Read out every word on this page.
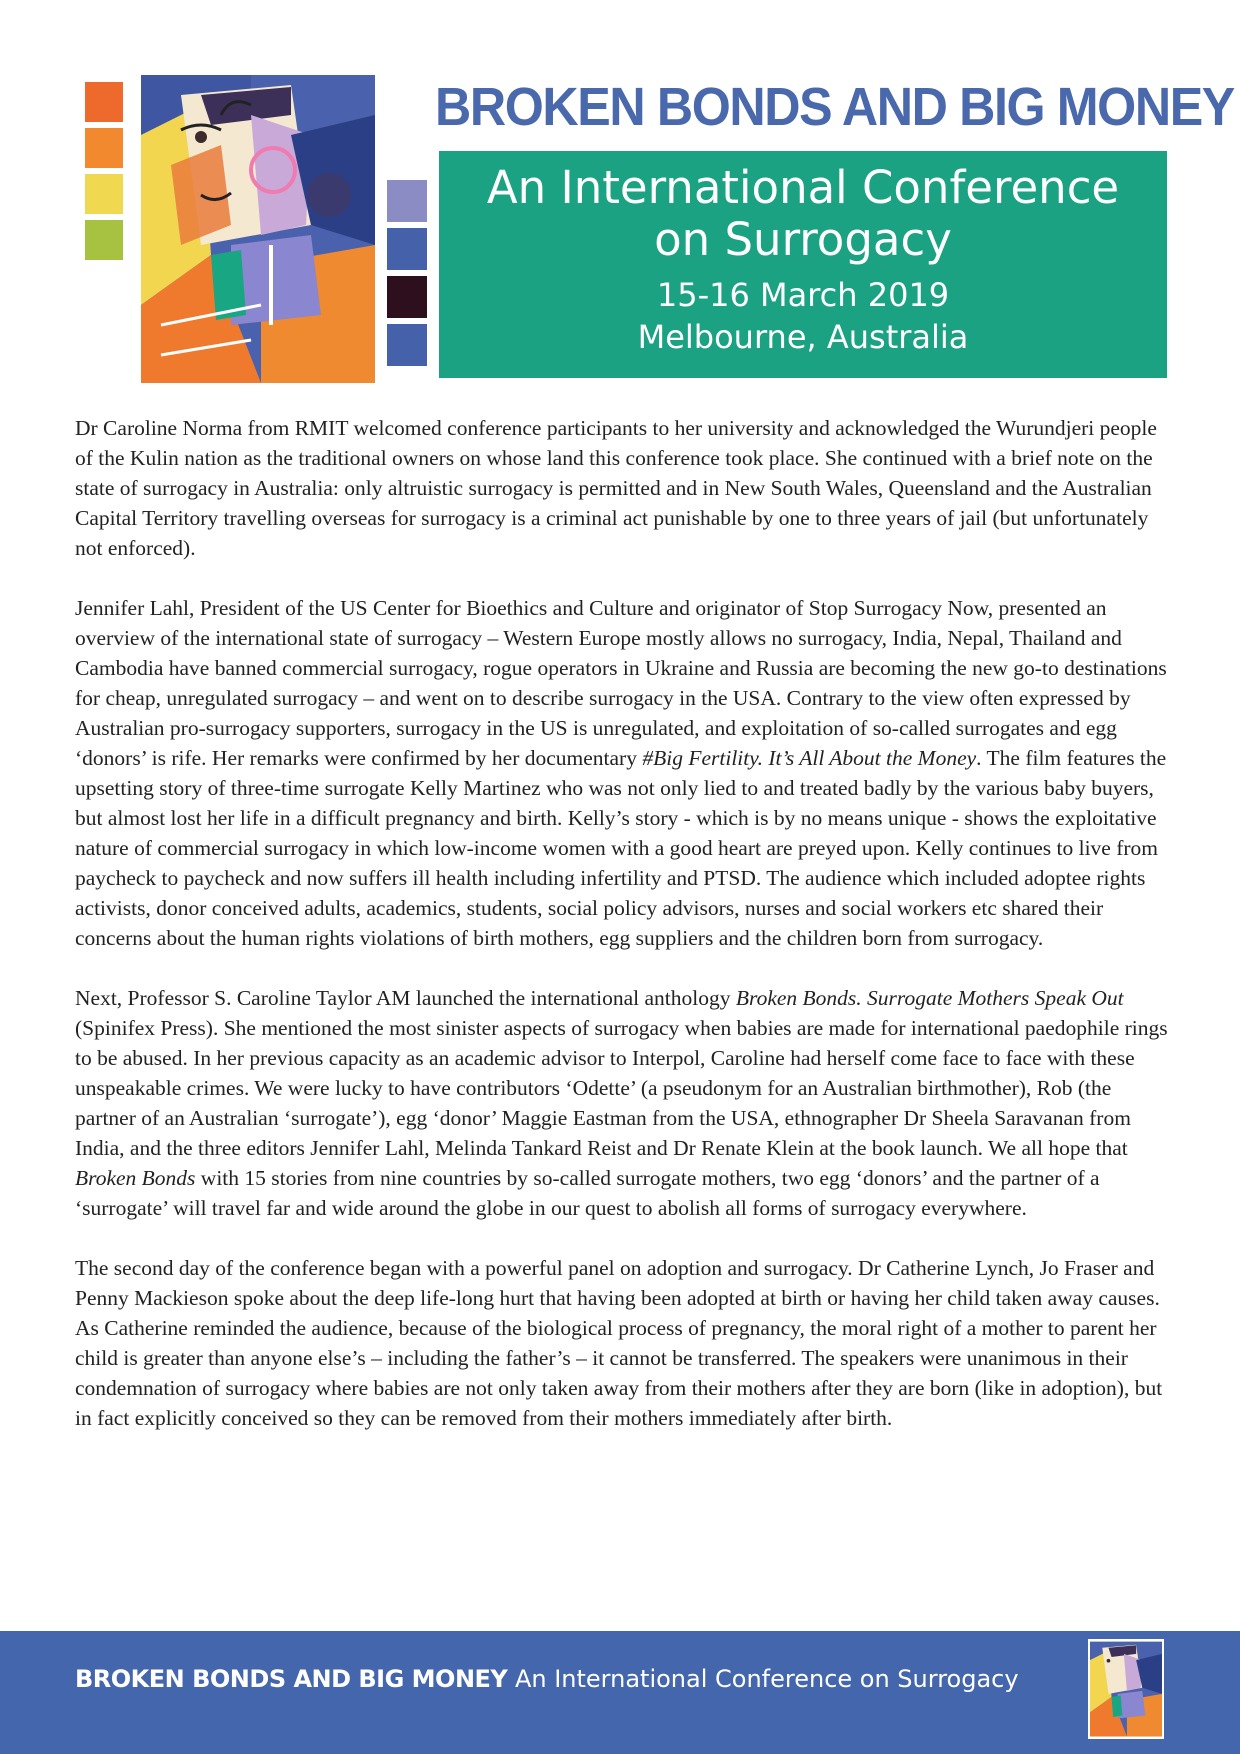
BROKEN BONDS AND BIG MONEY
An International Conference
on Surrogacy
15-16 March 2019
Melbourne, Australia

Dr Caroline Norma from RMIT welcomed conference participants to her university and acknowledged the Wurundjeri people of the Kulin nation as the traditional owners on whose land this conference took place. She continued with a brief note on the state of surrogacy in Australia: only altruistic surrogacy is permitted and in New South Wales, Queensland and the Australian Capital Territory travelling overseas for surrogacy is a criminal act punishable by one to three years of jail (but unfortunately not enforced).

Jennifer Lahl, President of the US Center for Bioethics and Culture and originator of Stop Surrogacy Now, presented an overview of the international state of surrogacy – Western Europe mostly allows no surrogacy, India, Nepal, Thailand and Cambodia have banned commercial surrogacy, rogue operators in Ukraine and Russia are becoming the new go-to destinations for cheap, unregulated surrogacy – and went on to describe surrogacy in the USA. Contrary to the view often expressed by Australian pro-surrogacy supporters, surrogacy in the US is unregulated, and exploitation of so-called surrogates and egg ‘donors’ is rife. Her remarks were confirmed by her documentary #Big Fertility. It’s All About the Money. The film features the upsetting story of three-time surrogate Kelly Martinez who was not only lied to and treated badly by the various baby buyers, but almost lost her life in a difficult pregnancy and birth. Kelly’s story - which is by no means unique - shows the exploitative nature of commercial surrogacy in which low-income women with a good heart are preyed upon. Kelly continues to live from paycheck to paycheck and now suffers ill health including infertility and PTSD. The audience which included adoptee rights activists, donor conceived adults, academics, students, social policy advisors, nurses and social workers etc shared their concerns about the human rights violations of birth mothers, egg suppliers and the children born from surrogacy.

Next, Professor S. Caroline Taylor AM launched the international anthology Broken Bonds. Surrogate Mothers Speak Out (Spinifex Press). She mentioned the most sinister aspects of surrogacy when babies are made for international paedophile rings to be abused. In her previous capacity as an academic advisor to Interpol, Caroline had herself come face to face with these unspeakable crimes. We were lucky to have contributors ‘Odette’ (a pseudonym for an Australian birthmother), Rob (the partner of an Australian ‘surrogate’), egg ‘donor’ Maggie Eastman from the USA, ethnographer Dr Sheela Saravanan from India, and the three editors Jennifer Lahl, Melinda Tankard Reist and Dr Renate Klein at the book launch. We all hope that Broken Bonds with 15 stories from nine countries by so-called surrogate mothers, two egg ‘donors’ and the partner of a ‘surrogate’ will travel far and wide around the globe in our quest to abolish all forms of surrogacy everywhere.

The second day of the conference began with a powerful panel on adoption and surrogacy. Dr Catherine Lynch, Jo Fraser and Penny Mackieson spoke about the deep life-long hurt that having been adopted at birth or having her child taken away causes. As Catherine reminded the audience, because of the biological process of pregnancy, the moral right of a mother to parent her child is greater than anyone else’s – including the father’s – it cannot be transferred. The speakers were unanimous in their condemnation of surrogacy where babies are not only taken away from their mothers after they are born (like in adoption), but in fact explicitly conceived so they can be removed from their mothers immediately after birth.

BROKEN BONDS AND BIG MONEY An International Conference on Surrogacy
